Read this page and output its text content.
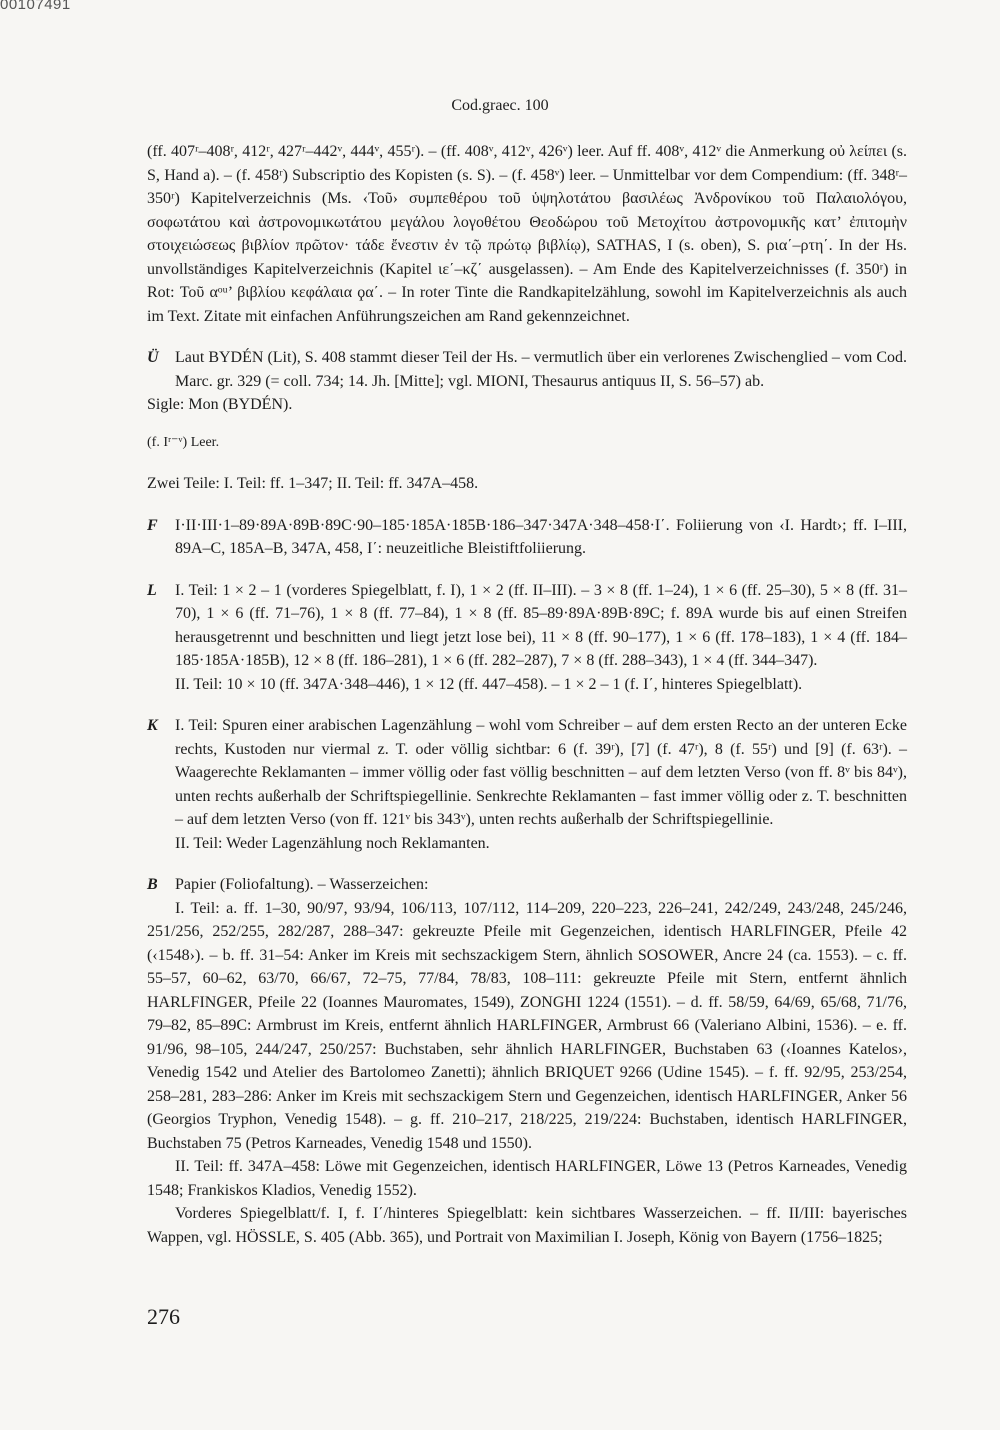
00107491
Cod.graec. 100

(ff. 407ʳ–408ʳ, 412ʳ, 427ʳ–442ᵛ, 444ᵛ, 455ʳ). – (ff. 408ᵛ, 412ᵛ, 426ᵛ) leer. Auf ff. 408ᵛ, 412ᵛ die Anmerkung οὐ λείπει (s. S, Hand a). – (f. 458ʳ) Subscriptio des Kopisten (s. S). – (f. 458ᵛ) leer. – Unmittelbar vor dem Compendium: (ff. 348ʳ–350ʳ) Kapitelverzeichnis (Ms. ‹Τοῦ› συμπεθέρου τοῦ ὑψηλοτάτου βασιλέως Ἀνδρονίκου τοῦ Παλαιολόγου, σοφωτάτου καὶ ἀστρονομικωτάτου μεγάλου λογοθέτου Θεοδώρου τοῦ Μετοχίτου ἀστρονομικῆς κατ’ ἐπιτομὴν στοιχειώσεως βιβλίον πρῶτον· τάδε ἔνεστιν ἐν τῷ πρώτῳ βιβλίῳ), SATHAS, I (s. oben), S. ρια΄–ρτη΄. In der Hs. unvollständiges Kapitelverzeichnis (Kapitel ιε΄–κζ΄ ausgelassen). – Am Ende des Kapitelverzeichnisses (f. 350ʳ) in Rot: Τοῦ αᵒᵘ’ βιβλίου κεφάλαια ϙα΄. – In roter Tinte die Randkapitelzählung, sowohl im Kapitelverzeichnis als auch im Text. Zitate mit einfachen Anführungszeichen am Rand gekennzeichnet.

Ü	Laut BYDÉN (Lit), S. 408 stammt dieser Teil der Hs. – vermutlich über ein verlorenes Zwischenglied – vom Cod. Marc. gr. 329 (= coll. 734; 14. Jh. [Mitte]; vgl. MIONI, Thesaurus antiquus II, S. 56–57) ab.

Sigle: Mon (BYDÉN).

(f. Iʳ⁻ᵛ) Leer.

Zwei Teile: I. Teil: ff. 1–347; II. Teil: ff. 347A–458.

F	I·II·III·1–89·89A·89B·89C·90–185·185A·185B·186–347·347A·348–458·I΄. Foliierung von ‹I. Hardt›; ff. I–III, 89A–C, 185A–B, 347A, 458, I΄: neuzeitliche Bleistiftfoliierung.
L	I. Teil: 1 × 2 – 1 (vorderes Spiegelblatt, f. I), 1 × 2 (ff. II–III). – 3 × 8 (ff. 1–24), 1 × 6 (ff. 25–30), 5 × 8 (ff. 31–70), 1 × 6 (ff. 71–76), 1 × 8 (ff. 77–84), 1 × 8 (ff. 85–89·89A·89B·89C; f. 89A wurde bis auf einen Streifen herausgetrennt und beschnitten und liegt jetzt lose bei), 11 × 8 (ff. 90–177), 1 × 6 (ff. 178–183), 1 × 4 (ff. 184–185·185A·185B), 12 × 8 (ff. 186–281), 1 × 6 (ff. 282–287), 7 × 8 (ff. 288–343), 1 × 4 (ff. 344–347).

II. Teil: 10 × 10 (ff. 347A·348–446), 1 × 12 (ff. 447–458). – 1 × 2 – 1 (f. I΄, hinteres Spiegelblatt).

K	I. Teil: Spuren einer arabischen Lagenzählung – wohl vom Schreiber – auf dem ersten Recto an der unteren Ecke rechts, Kustoden nur viermal z. T. oder völlig sichtbar: 6 (f. 39ʳ), [7] (f. 47ʳ), 8 (f. 55ʳ) und [9] (f. 63ʳ). – Waagerechte Reklamanten – immer völlig oder fast völlig beschnitten – auf dem letzten Verso (von ff. 8ᵛ bis 84ᵛ), unten rechts außerhalb der Schriftspiegellinie. Senkrechte Reklamanten – fast immer völlig oder z. T. beschnitten – auf dem letzten Verso (von ff. 121ᵛ bis 343ᵛ), unten rechts außerhalb der Schriftspiegellinie.

II. Teil: Weder Lagenzählung noch Reklamanten.

B	Papier (Foliofaltung). – Wasserzeichen:

I. Teil: a. ff. 1–30, 90/97, 93/94, 106/113, 107/112, 114–209, 220–223, 226–241, 242/249, 243/248, 245/246, 251/256, 252/255, 282/287, 288–347: gekreuzte Pfeile mit Gegenzeichen, identisch HARLFINGER, Pfeile 42 (‹1548›). – b. ff. 31–54: Anker im Kreis mit sechszackigem Stern, ähnlich SOSOWER, Ancre 24 (ca. 1553). – c. ff. 55–57, 60–62, 63/70, 66/67, 72–75, 77/84, 78/83, 108–111: gekreuzte Pfeile mit Stern, entfernt ähnlich HARLFINGER, Pfeile 22 (Ioannes Mauromates, 1549), ZONGHI 1224 (1551). – d. ff. 58/59, 64/69, 65/68, 71/76, 79–82, 85–89C: Armbrust im Kreis, entfernt ähnlich HARLFINGER, Armbrust 66 (Valeriano Albini, 1536). – e. ff. 91/96, 98–105, 244/247, 250/257: Buchstaben, sehr ähnlich HARLFINGER, Buchstaben 63 (‹Ioannes Katelos›, Venedig 1542 und Atelier des Bartolomeo Zanetti); ähnlich BRIQUET 9266 (Udine 1545). – f. ff. 92/95, 253/254, 258–281, 283–286: Anker im Kreis mit sechszackigem Stern und Gegenzeichen, identisch HARLFINGER, Anker 56 (Georgios Tryphon, Venedig 1548). – g. ff. 210–217, 218/225, 219/224: Buchstaben, identisch HARLFINGER, Buchstaben 75 (Petros Karneades, Venedig 1548 und 1550).

II. Teil: ff. 347A–458: Löwe mit Gegenzeichen, identisch HARLFINGER, Löwe 13 (Petros Karneades, Venedig 1548; Frankiskos Kladios, Venedig 1552).

Vorderes Spiegelblatt/f. I, f. I΄/hinteres Spiegelblatt: kein sichtbares Wasserzeichen. – ff. II/III: bayerisches Wappen, vgl. HÖSSLE, S. 405 (Abb. 365), und Portrait von Maximilian I. Joseph, König von Bayern (1756–1825;

276
